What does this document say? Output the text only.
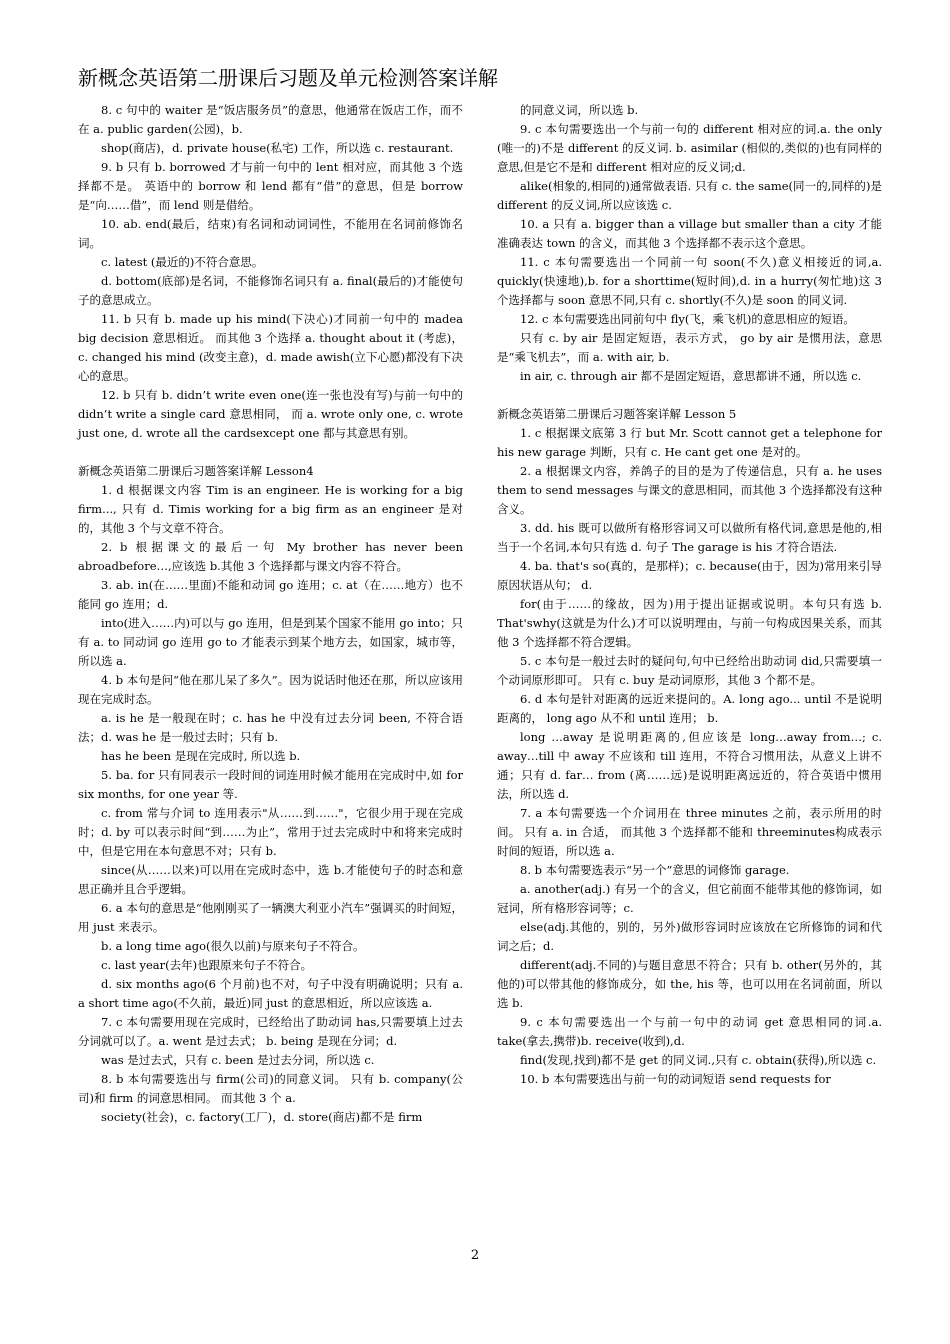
新概念英语第二册课后习题及单元检测答案详解

8. c 句中的 waiter 是“饭店服务员”的意思，他通常在饭店工作，而不在 a. public garden(公园)，b.

shop(商店)，d. private house(私宅) 工作，所以选 c. restaurant.

9. b 只有 b. borrowed 才与前一句中的 lent 相对应，而其他 3 个选择都不是。 英语中的 borrow 和 lend 都有“借”的意思，但是 borrow 是“向……借”，而 lend 则是借给。

10. ab. end(最后，结束)有名词和动词词性，不能用在名词前修饰名词。

c. latest (最近的)不符合意思。

d. bottom(底部)是名词，不能修饰名词只有 a. final(最后的)才能使句子的意思成立。

11. b 只有 b. made up his mind(下决心)才同前一句中的 madea big decision 意思相近。 而其他 3 个选择 a. thought about it (考虑)，c. changed his mind (改变主意)，d. made awish(立下心愿)都没有下决心的意思。

12. b 只有 b. didn’t write even one(连一张也没有写)与前一句中的 didn’t write a single card 意思相同， 而 a. wrote only one, c. wrote just one, d. wrote all the cardsexcept one 都与其意思有别。

新概念英语第二册课后习题答案详解 Lesson4

1. d 根据课文内容 Tim is an engineer. He is working for a big firm..., 只有 d. Timis working for a big firm as an engineer 是对的，其他 3 个与文章不符合。

2. b 根据课文的最后一句 My brother has never been abroadbefore…,应该选 b.其他 3 个选择都与课文内容不符合。

3. ab. in(在……里面)不能和动词 go 连用；c. at（在……地方）也不能同 go 连用；d.

into(进入……内)可以与 go 连用，但是到某个国家不能用 go into；只有 a. to 同动词 go 连用 go to 才能表示到某个地方去，如国家，城市等，所以选 a.

4. b 本句是问“他在那儿呆了多久”。因为说话时他还在那，所以应该用现在完成时态。

a. is he 是一般现在时；c. has he 中没有过去分词 been, 不符合语法；d. was he 是一般过去时；只有 b.

has he been 是现在完成时, 所以选 b.

5. ba. for 只有同表示一段时间的词连用时候才能用在完成时中,如 for six months, for one year 等.

c. from 常与介词 to 连用表示"从……到……"，它很少用于现在完成时；d. by 可以表示时间“到……为止”，常用于过去完成时中和将来完成时中，但是它用在本句意思不对；只有 b.

since(从……以来)可以用在完成时态中，选 b.才能使句子的时态和意思正确并且合乎逻辑。

6. a 本句的意思是“他刚刚买了一辆澳大利亚小汽车”强调买的时间短，用 just 来表示。

b. a long time ago(很久以前)与原来句子不符合。

c. last year(去年)也跟原来句子不符合。

d. six months ago(6 个月前)也不对，句子中没有明确说明；只有 a. a short time ago(不久前，最近)同 just 的意思相近，所以应该选 a.

7. c 本句需要用现在完成时，已经给出了助动词 has,只需要填上过去分词就可以了。a. went 是过去式； b. being 是现在分词；d.

was 是过去式，只有 c. been 是过去分词，所以选 c.

8. b 本句需要选出与 firm(公司)的同意义词。 只有 b. company(公司)和 firm 的词意思相同。 而其他 3 个 a.

society(社会)，c. factory(工厂)，d. store(商店)都不是 firm

的同意义词，所以选 b.

9. c 本句需要选出一个与前一句的 different 相对应的词.a. the only (唯一的)不是 different 的反义词. b. asimilar (相似的,类似的)也有同样的意思,但是它不是和 different 相对应的反义词;d.

alike(相象的,相同的)通常做表语. 只有 c. the same(同一的,同样的)是 different 的反义词,所以应该选 c.

10. a 只有 a. bigger than a village but smaller than a city 才能准确表达 town 的含义，而其他 3 个选择都不表示这个意思。

11. c 本句需要选出一个同前一句 soon(不久)意义相接近的词,a. quickly(快速地),b. for a shorttime(短时间),d. in a hurry(匆忙地)这 3 个选择都与 soon 意思不同,只有 c. shortly(不久)是 soon 的同义词.

12. c 本句需要选出同前句中 fly(飞，乘飞机)的意思相应的短语。

只有 c. by air 是固定短语，表示方式， go by air 是惯用法，意思是“乘飞机去”，而 a. with air, b.

in air, c. through air 都不是固定短语，意思都讲不通，所以选 c.

新概念英语第二册课后习题答案详解 Lesson 5

1. c 根据课文底第 3 行 but Mr. Scott cannot get a telephone for his new garage 判断，只有 c. He cant get one 是对的。

2. a 根据课文内容，养鸽子的目的是为了传递信息，只有 a. he uses them to send messages 与课文的意思相同，而其他 3 个选择都没有这种含义。

3. dd. his 既可以做所有格形容词又可以做所有格代词,意思是他的,相当于一个名词,本句只有选 d. 句子 The garage is his 才符合语法.

4. ba. that's so(真的，是那样)；c. because(由于，因为)常用来引导原因状语从句； d.

for(由于……的缘故，因为)用于提出证据或说明。本句只有选 b. That'swhy(这就是为什么)才可以说明理由，与前一句构成因果关系，而其他 3 个选择都不符合逻辑。

5. c 本句是一般过去时的疑问句,句中已经给出助动词 did,只需要填一个动词原形即可。 只有 c. buy 是动词原形，其他 3 个都不是。

6. d 本句是针对距离的远近来提问的。A. long ago... until 不是说明距离的， long ago 从不和 until 连用； b.

long …away 是说明距离的,但应该是 long…away from…; c. away…till 中 away 不应该和 till 连用，不符合习惯用法，从意义上讲不通；只有 d. far… from (离……远)是说明距离远近的，符合英语中惯用法，所以选 d.

7. a 本句需要选一个介词用在 three minutes 之前，表示所用的时间。 只有 a. in 合适， 而其他 3 个选择都不能和 threeminutes构成表示时间的短语，所以选 a.

8. b 本句需要选表示“另一个”意思的词修饰 garage.

a. another(adj.) 有另一个的含义，但它前面不能带其他的修饰词，如冠词，所有格形容词等；c.

else(adj.其他的，别的，另外)做形容词时应该放在它所修饰的词和代词之后；d.

different(adj.不同的)与题目意思不符合；只有 b. other(另外的，其他的)可以带其他的修饰成分，如 the, his 等，也可以用在名词前面，所以选 b.

9. c 本句需要选出一个与前一句中的动词 get 意思相同的词.a. take(拿去,携带)b. receive(收到),d.

find(发现,找到)都不是 get 的同义词.,只有 c. obtain(获得),所以选 c.

10. b 本句需要选出与前一句的动词短语 send requests for

2
